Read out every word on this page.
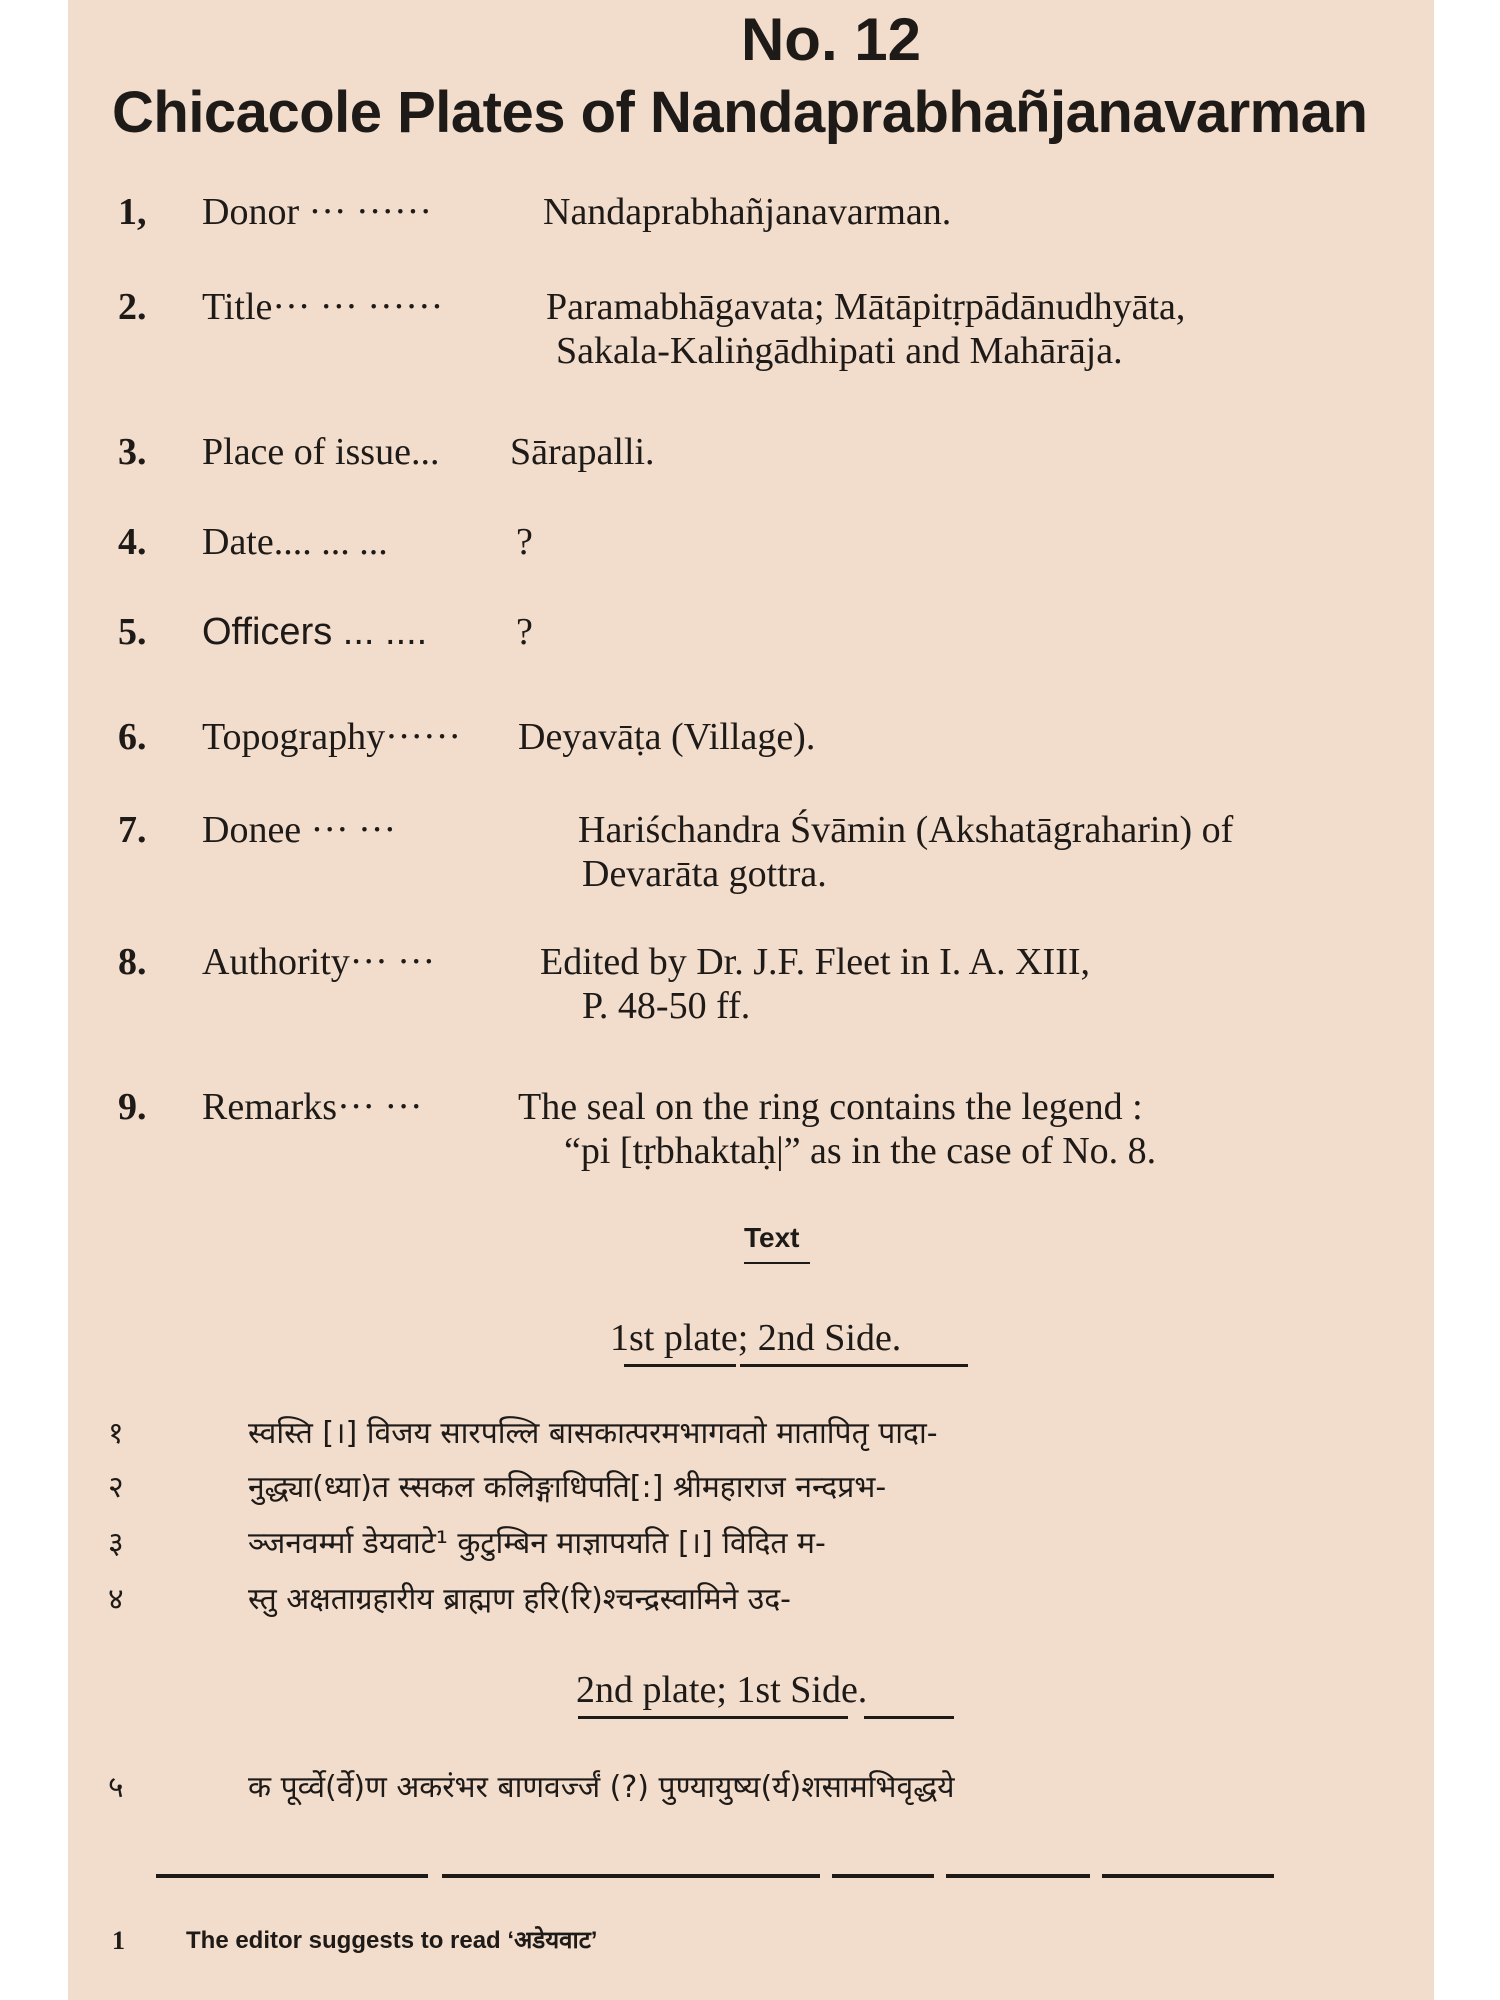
No. 12
Chicacole Plates of Nandaprabhañjanavarman
1, Donor ··· ······	Nandaprabhañjanavarman.
2. Title··· ··· ······	Paramabhāgavata; Mātāpitṛpādānudhyāta,
Sakala-Kaliṅgādhipati and Mahārāja.
3. Place of issue... Sārapalli.
4. Date.... ... ...	?
5. Officers ... .... ?
6. Topography······ Deyavāṭa (Village).
7. Donee ··· ···	Hariśchandra Śvāmin (Akshatāgraharin) of
Devarāta gottra.
8. Authority··· ···	Edited by Dr. J.F. Fleet in I. A. XIII,
P. 48-50 ff.
9. Remarks··· ···	The seal on the ring contains the legend :
“pi [tṛbhaktaḥ|” as in the case of No. 8.
Text
1st plate; 2nd Side.
१	स्वस्ति [।] विजय सारपल्लि बासकात्परमभागवतो मातापितृ पादा-
२	नुद्ध्या(ध्या)त स्सकल कलिङ्गाधिपति[:] श्रीमहाराज नन्दप्रभ-
३	ञ्जनवर्म्मा डेयवाटे¹ कुटुम्बिन माज्ञापयति [।] विदित म-
४	स्तु अक्षताग्रहारीय ब्राह्मण हरि(रि)श्चन्द्रस्वामिने उद-
2nd plate; 1st Side.
५	क पूर्व्वे(र्वे)ण अकरंभर बाणवर्ज्जं (?) पुण्यायुष्य(र्य)शसामभिवृद्धये
1	The editor suggests to read ‘अडेयवाट’
